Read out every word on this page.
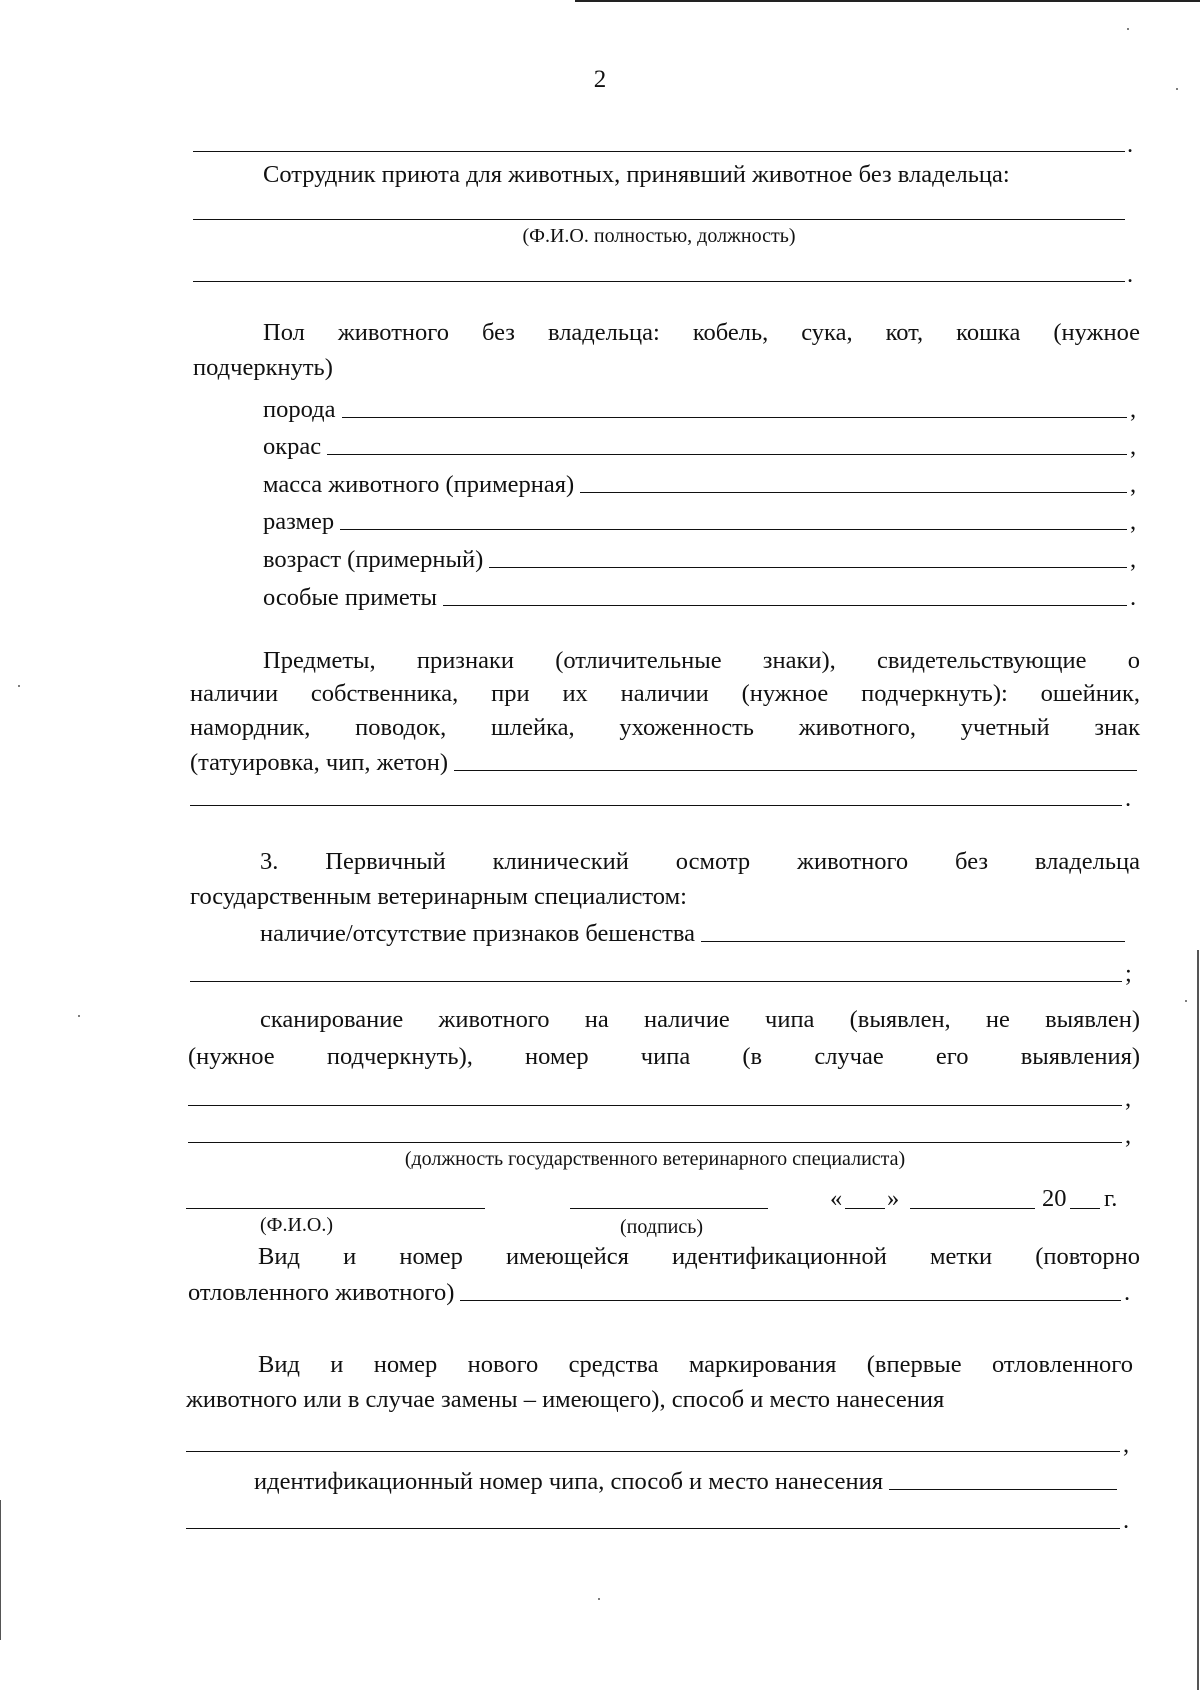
2
.
Сотрудник приюта для животных, принявший животное без владельца:
(Ф.И.О. полностью, должность)
.
Пол животного без владельца: кобель, сука, кот, кошка (нужное
подчеркнуть)
порода	,
окрас	,
масса животного (примерная)	,
размер	,
возраст (примерный)	,
особые приметы	.
Предметы, признаки (отличительные знаки), свидетельствующие о
наличии собственника, при их наличии (нужное подчеркнуть): ошейник,
намордник, поводок, шлейка, ухоженность животного, учетный знак
(татуировка, чип, жетон)
.
3. Первичный клинический осмотр животного без владельца
государственным ветеринарным специалистом:
наличие/отсутствие признаков бешенства
;
сканирование животного на наличие чипа (выявлен, не выявлен)
(нужное подчеркнуть), номер чипа (в случае его выявления)
,
,
(должность государственного ветеринарного специалиста)
« »	20 г.
(Ф.И.О.)	(подпись)
Вид и номер имеющейся идентификационной метки (повторно
отловленного животного)	.
Вид и номер нового средства маркирования (впервые отловленного
животного или в случае замены – имеющего), способ и место нанесения
,
идентификационный номер чипа, способ и место нанесения
.
